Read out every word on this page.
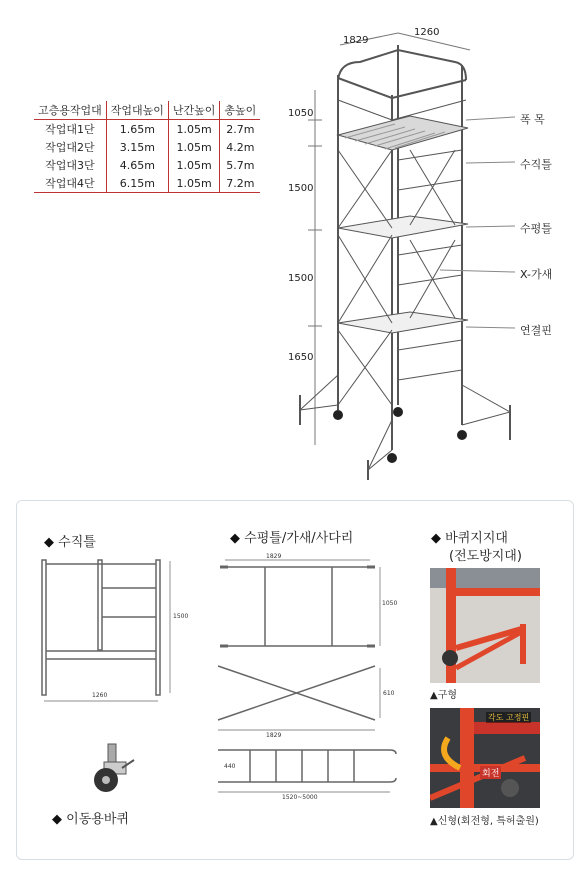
고층용작업대	작업대높이	난간높이	총높이
작업대1단	1.65m	1.05m	2.7m
작업대2단	3.15m	1.05m	4.2m
작업대3단	4.65m	1.05m	5.7m
작업대4단	6.15m	1.05m	7.2m
1829
1260
1050
1500
1500
1650
폭 목
수직틀
수평틀
X-가새
연결핀
◆ 수직틀
1500
1260
◆ 이동용바퀴
◆ 수평틀/가새/사다리
1829
1050
610
1829
440
1520~5000
◆ 바퀴지지대
(전도방지대)
▲구형
각도 고정핀
회전
▲신형(회전형, 특허출원)
